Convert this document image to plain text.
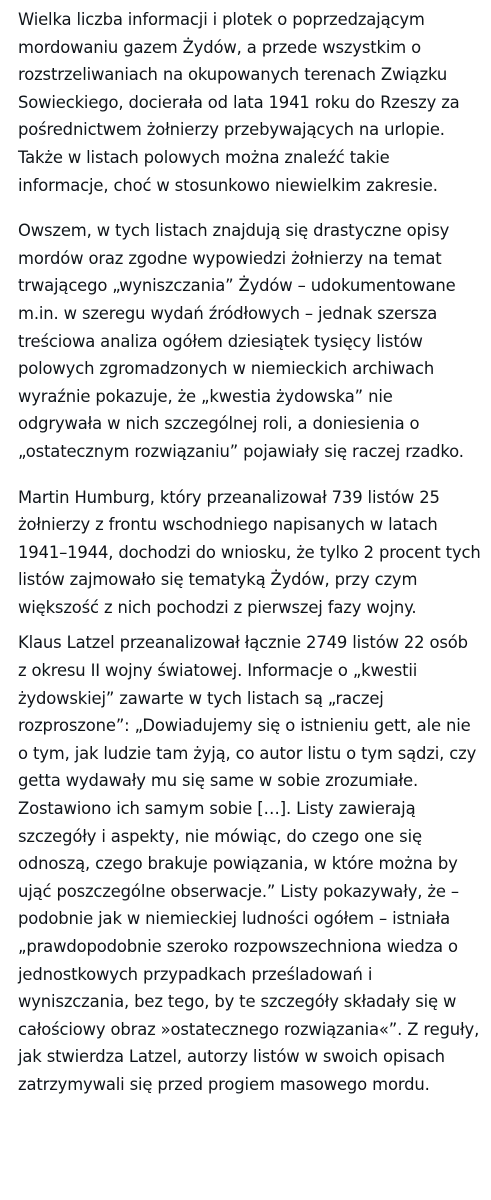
Wielka liczba informacji i plotek o poprzedzającym
mordowaniu gazem Żydów, a przede wszystkim o
rozstrzeliwaniach na okupowanych terenach Związku
Sowieckiego, docierała od lata 1941 roku do Rzeszy za
pośrednictwem żołnierzy przebywających na urlopie.
Także w listach polowych można znaleźć takie
informacje, choć w stosunkowo niewielkim zakresie.
Owszem, w tych listach znajdują się drastyczne opisy
mordów oraz zgodne wypowiedzi żołnierzy na temat
trwającego „wyniszczania” Żydów – udokumentowane
m.in. w szeregu wydań źródłowych – jednak szersza
treściowa analiza ogółem dziesiątek tysięcy listów
polowych zgromadzonych w niemieckich archiwach
wyraźnie pokazuje, że „kwestia żydowska” nie
odgrywała w nich szczególnej roli, a doniesienia o
„ostatecznym rozwiązaniu” pojawiały się raczej rzadko.
Martin Humburg, który przeanalizował 739 listów 25
żołnierzy z frontu wschodniego napisanych w latach
1941–1944, dochodzi do wniosku, że tylko 2 procent tych
listów zajmowało się tematyką Żydów, przy czym
większość z nich pochodzi z pierwszej fazy wojny.
Klaus Latzel przeanalizował łącznie 2749 listów 22 osób
z okresu II wojny światowej. Informacje o „kwestii
żydowskiej” zawarte w tych listach są „raczej
rozproszone”: „Dowiadujemy się o istnieniu gett, ale nie
o tym, jak ludzie tam żyją, co autor listu o tym sądzi, czy
getta wydawały mu się same w sobie zrozumiałe.
Zostawiono ich samym sobie […]. Listy zawierają
szczegóły i aspekty, nie mówiąc, do czego one się
odnoszą, czego brakuje powiązania, w które można by
ująć poszczególne obserwacje.” Listy pokazywały, że –
podobnie jak w niemieckiej ludności ogółem – istniała
„prawdopodobnie szeroko rozpowszechniona wiedza o
jednostkowych przypadkach prześladowań i
wyniszczania, bez tego, by te szczegóły składały się w
całościowy obraz »ostatecznego rozwiązania«”. Z reguły,
jak stwierdza Latzel, autorzy listów w swoich opisach
zatrzymywali się przed progiem masowego mordu.
